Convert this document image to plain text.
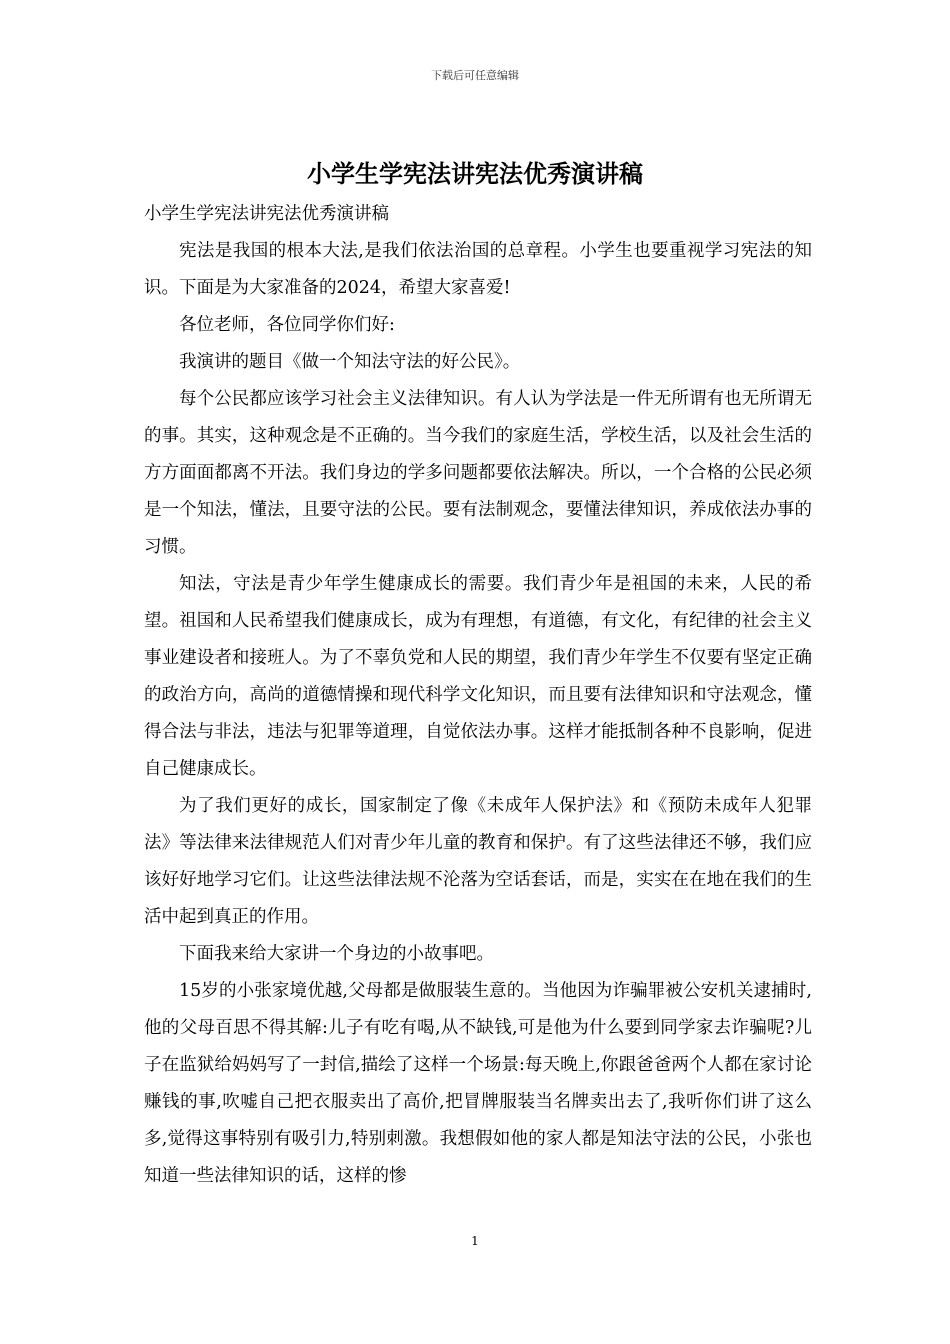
下载后可任意编辑
小学生学宪法讲宪法优秀演讲稿

小学生学宪法讲宪法优秀演讲稿

宪法是我国的根本大法,是我们依法治国的总章程。小学生也要重视学习宪法的知识。下面是为大家准备的2024，希望大家喜爱!

各位老师，各位同学你们好:

我演讲的题目《做一个知法守法的好公民》。

每个公民都应该学习社会主义法律知识。有人认为学法是一件无所谓有也无所谓无的事。其实，这种观念是不正确的。当今我们的家庭生活，学校生活，以及社会生活的方方面面都离不开法。我们身边的学多问题都要依法解决。所以，一个合格的公民必须是一个知法，懂法，且要守法的公民。要有法制观念，要懂法律知识，养成依法办事的习惯。

知法，守法是青少年学生健康成长的需要。我们青少年是祖国的未来，人民的希望。祖国和人民希望我们健康成长，成为有理想，有道德，有文化，有纪律的社会主义事业建设者和接班人。为了不辜负党和人民的期望，我们青少年学生不仅要有坚定正确的政治方向，高尚的道德情操和现代科学文化知识，而且要有法律知识和守法观念，懂得合法与非法，违法与犯罪等道理，自觉依法办事。这样才能抵制各种不良影响，促进自己健康成长。

为了我们更好的成长，国家制定了像《未成年人保护法》和《预防未成年人犯罪法》等法律来法律规范人们对青少年儿童的教育和保护。有了这些法律还不够，我们应该好好地学习它们。让这些法律法规不沦落为空话套话，而是，实实在在地在我们的生活中起到真正的作用。

下面我来给大家讲一个身边的小故事吧。

15岁的小张家境优越,父母都是做服装生意的。当他因为诈骗罪被公安机关逮捕时,他的父母百思不得其解:儿子有吃有喝,从不缺钱,可是他为什么要到同学家去诈骗呢?儿子在监狱给妈妈写了一封信,描绘了这样一个场景:每天晚上,你跟爸爸两个人都在家讨论赚钱的事,吹嘘自己把衣服卖出了高价,把冒牌服装当名牌卖出去了,我听你们讲了这么多,觉得这事特别有吸引力,特别刺激。我想假如他的家人都是知法守法的公民，小张也知道一些法律知识的话，这样的惨

1
